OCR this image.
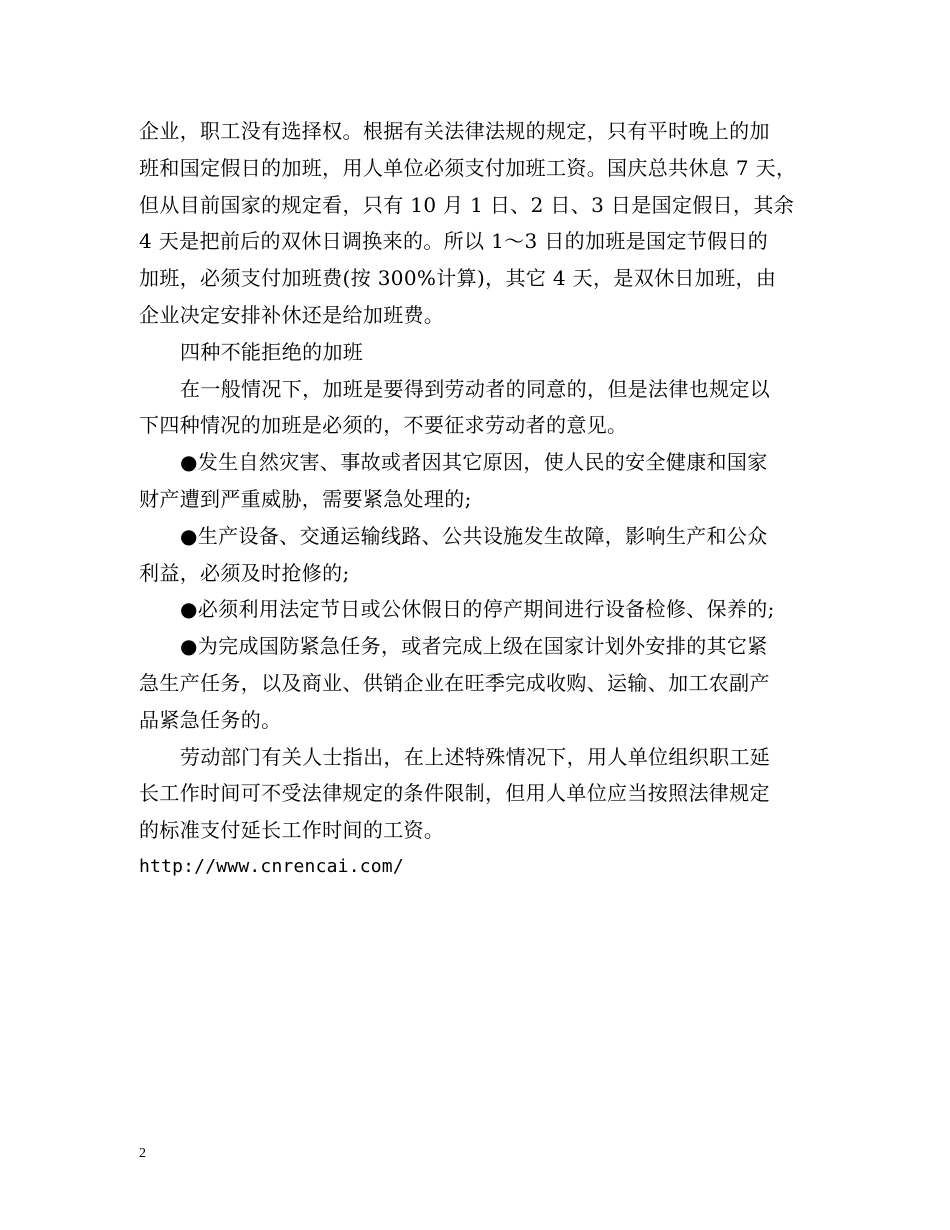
企业，职工没有选择权。根据有关法律法规的规定，只有平时晚上的加
班和国定假日的加班，用人单位必须支付加班工资。国庆总共休息 7 天，
但从目前国家的规定看，只有 10 月 1 日、2 日、3 日是国定假日，其余
4 天是把前后的双休日调换来的。所以 1～3 日的加班是国定节假日的
加班，必须支付加班费(按 300%计算)，其它 4 天，是双休日加班，由
企业决定安排补休还是给加班费。
四种不能拒绝的加班
在一般情况下，加班是要得到劳动者的同意的，但是法律也规定以
下四种情况的加班是必须的，不要征求劳动者的意见。
●发生自然灾害、事故或者因其它原因，使人民的安全健康和国家
财产遭到严重威胁，需要紧急处理的;
●生产设备、交通运输线路、公共设施发生故障，影响生产和公众
利益，必须及时抢修的;
●必须利用法定节日或公休假日的停产期间进行设备检修、保养的;
●为完成国防紧急任务，或者完成上级在国家计划外安排的其它紧
急生产任务，以及商业、供销企业在旺季完成收购、运输、加工农副产
品紧急任务的。
劳动部门有关人士指出，在上述特殊情况下，用人单位组织职工延
长工作时间可不受法律规定的条件限制，但用人单位应当按照法律规定
的标准支付延长工作时间的工资。
http://www.cnrencai.com/
2
